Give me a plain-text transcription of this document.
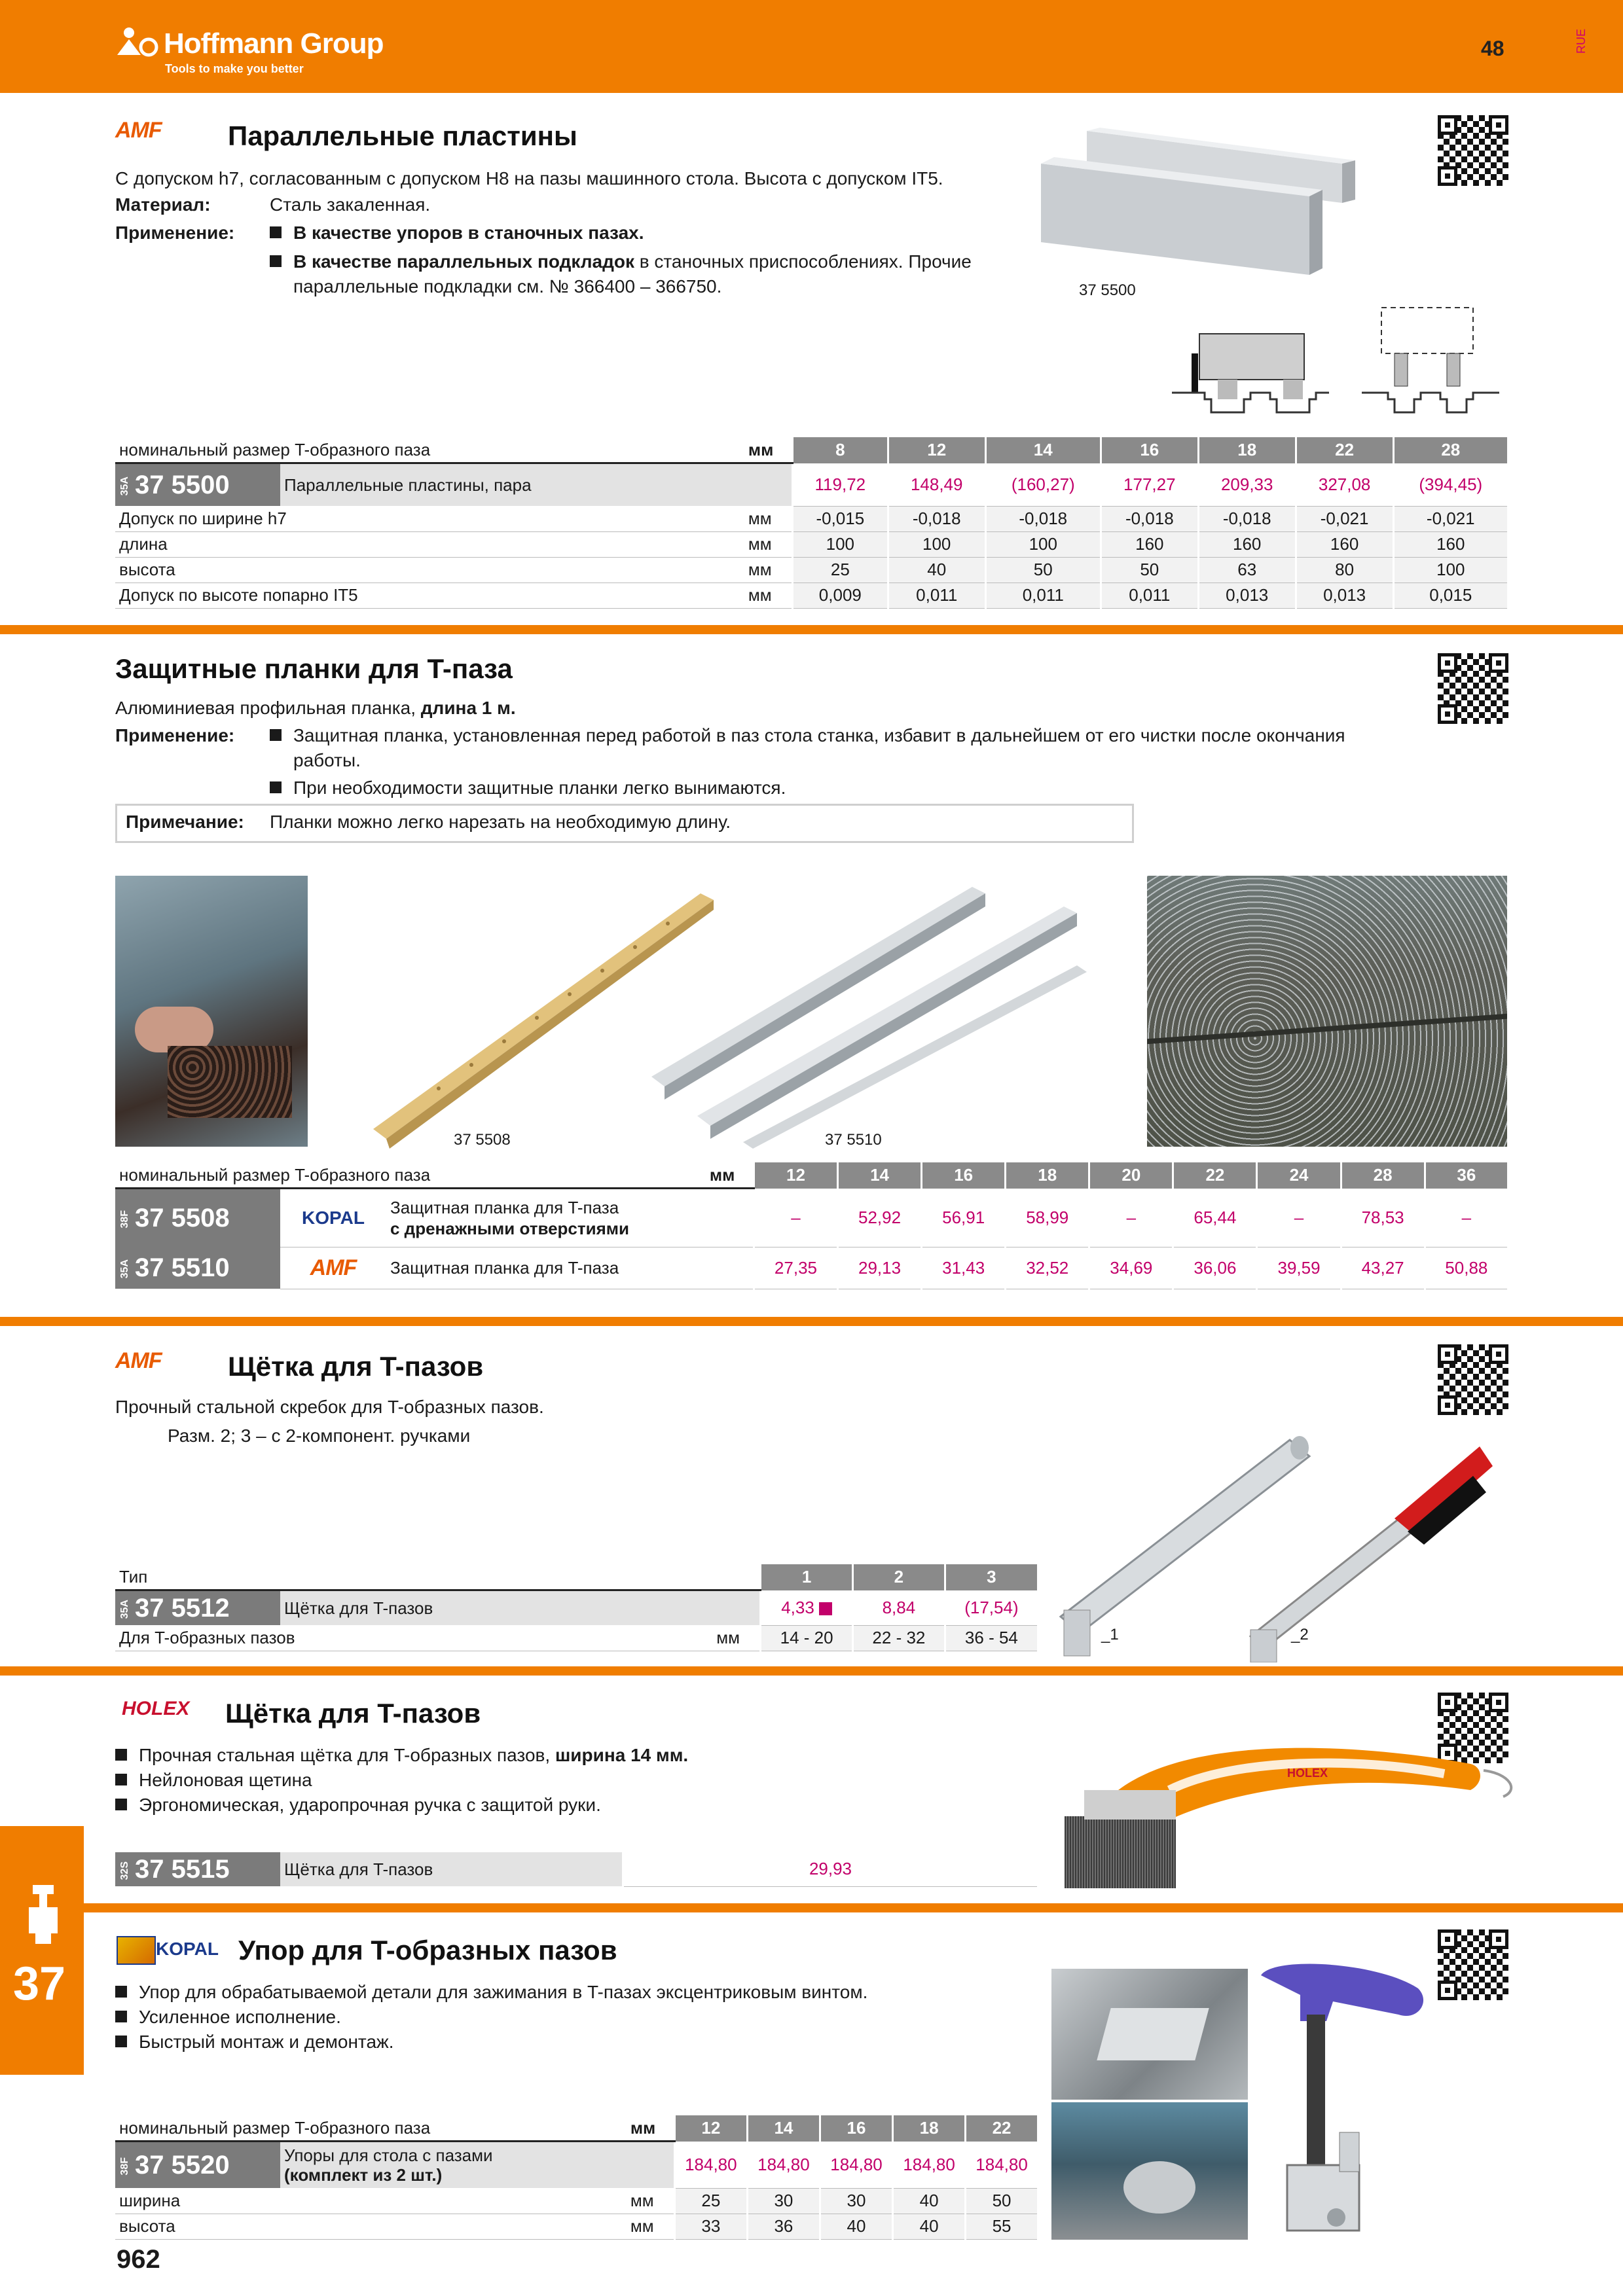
Hoffmann Group
Tools to make you better
48	RUE
AMF Параллельные пластины
С допуском h7, согласованным с допуском H8 на пазы машинного стола. Высота с допуском IT5.
Материал:	Сталь закаленная.
Применение:	В качестве упоров в станочных пазах.
В качестве параллельных подкладок в станочных приспособлениях. Прочие
параллельные подкладки см. № 366400 – 366750.	37 5500
номинальный размер T-образного паза		мм	8	12	14	16	18	22	28
35А 37 5500	Параллельные пластины, пара		119,72	148,49	(160,27)	177,27	209,33	327,08	(394,45)
Допуск по ширине h7		мм	-0,015	-0,018	-0,018	-0,018	-0,018	-0,021	-0,021
длина		мм	100	100	100	160	160	160	160
высота		мм	25	40	50	50	63	80	100
Допуск по высоте попарно IT5		мм	0,009	0,011	0,011	0,011	0,013	0,013	0,015
Защитные планки для T-паза
Алюминиевая профильная планка, длина 1 м.
Применение:	Защитная планка, установленная перед работой в паз стола станка, избавит в дальнейшем от его чистки после окончания
работы.
При необходимости защитные планки легко вынимаются.
Примечание: Планки можно легко нарезать на необходимую длину.
37 5508	37 5510
номинальный размер T-образного паза			мм	12	14	16	18	20	22	24	28	36
38F 37 5508	KOPAL	Защитная планка для T-паза
с дренажными отверстиями		–	52,92	56,91	58,99	–	65,44	–	78,53	–
35А 37 5510	AMF	Защитная планка для T-паза		27,35	29,13	31,43	32,52	34,69	36,06	39,59	43,27	50,88
AMF Щётка для T-пазов
Прочный стальной скребок для T-образных пазов.
Разм. 2; 3 – с 2-компонент. ручками
_1	_2
Тип			1	2	3
35А 37 5512	Щётка для T-пазов		4,33	8,84	(17,54)
Для T-образных пазов		мм	14 - 20	22 - 32	36 - 54
HOLEX Щётка для T-пазов
Прочная стальная щётка для T-образных пазов, ширина 14 мм.
Нейлоновая щетина
Эргономическая, ударопрочная ручка с защитой руки.
HOLEX
32S 37 5515	Щётка для T-пазов	29,93
KOPAL Упор для T-образных пазов
Упор для обрабатываемой детали для зажимания в T-пазах эксцентриковым винтом.
Усиленное исполнение.
Быстрый монтаж и демонтаж.
номинальный размер T-образного паза		мм	12	14	16	18	22
38F 37 5520	Упоры для стола с пазами
(комплект из 2 шт.)		184,80	184,80	184,80	184,80	184,80
ширина		мм	25	30	30	40	50
высота		мм	33	36	40	40	55
37
962
